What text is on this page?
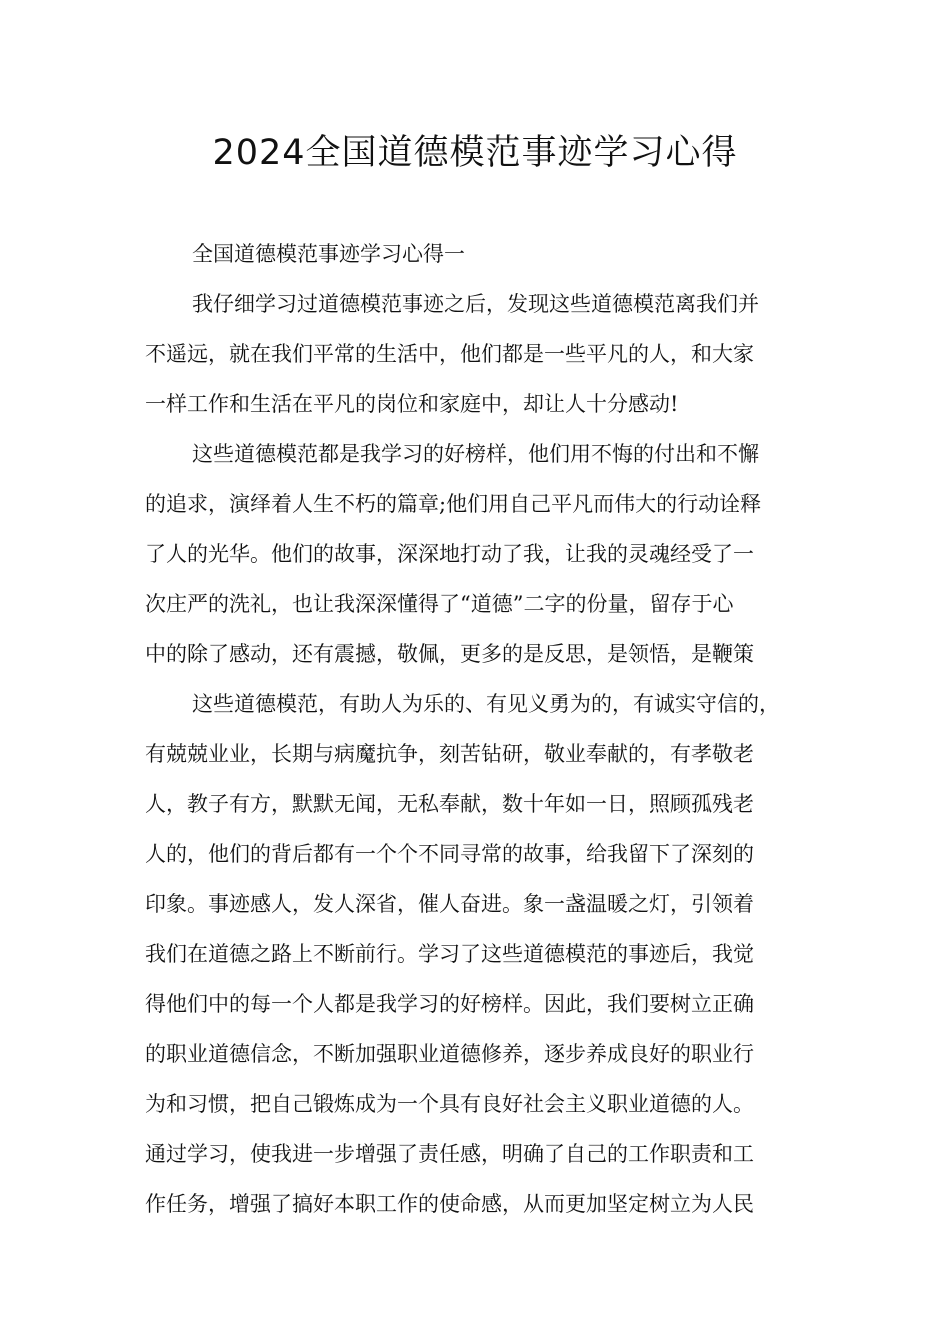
2024全国道德模范事迹学习心得

全国道德模范事迹学习心得一

我仔细学习过道德模范事迹之后，发现这些道德模范离我们并

不遥远，就在我们平常的生活中，他们都是一些平凡的人，和大家

一样工作和生活在平凡的岗位和家庭中，却让人十分感动!

这些道德模范都是我学习的好榜样，他们用不悔的付出和不懈

的追求，演绎着人生不朽的篇章;他们用自己平凡而伟大的行动诠释

了人的光华。他们的故事，深深地打动了我，让我的灵魂经受了一

次庄严的洗礼，也让我深深懂得了“道德”二字的份量，留存于心

中的除了感动，还有震撼，敬佩，更多的是反思，是领悟，是鞭策

这些道德模范，有助人为乐的、有见义勇为的，有诚实守信的，

有兢兢业业，长期与病魔抗争，刻苦钻研，敬业奉献的，有孝敬老

人，教子有方，默默无闻，无私奉献，数十年如一日，照顾孤残老

人的，他们的背后都有一个个不同寻常的故事，给我留下了深刻的

印象。事迹感人，发人深省，催人奋进。象一盏温暖之灯，引领着

我们在道德之路上不断前行。学习了这些道德模范的事迹后，我觉

得他们中的每一个人都是我学习的好榜样。因此，我们要树立正确

的职业道德信念，不断加强职业道德修养，逐步养成良好的职业行

为和习惯，把自己锻炼成为一个具有良好社会主义职业道德的人。

通过学习，使我进一步增强了责任感，明确了自己的工作职责和工

作任务，增强了搞好本职工作的使命感，从而更加坚定树立为人民
